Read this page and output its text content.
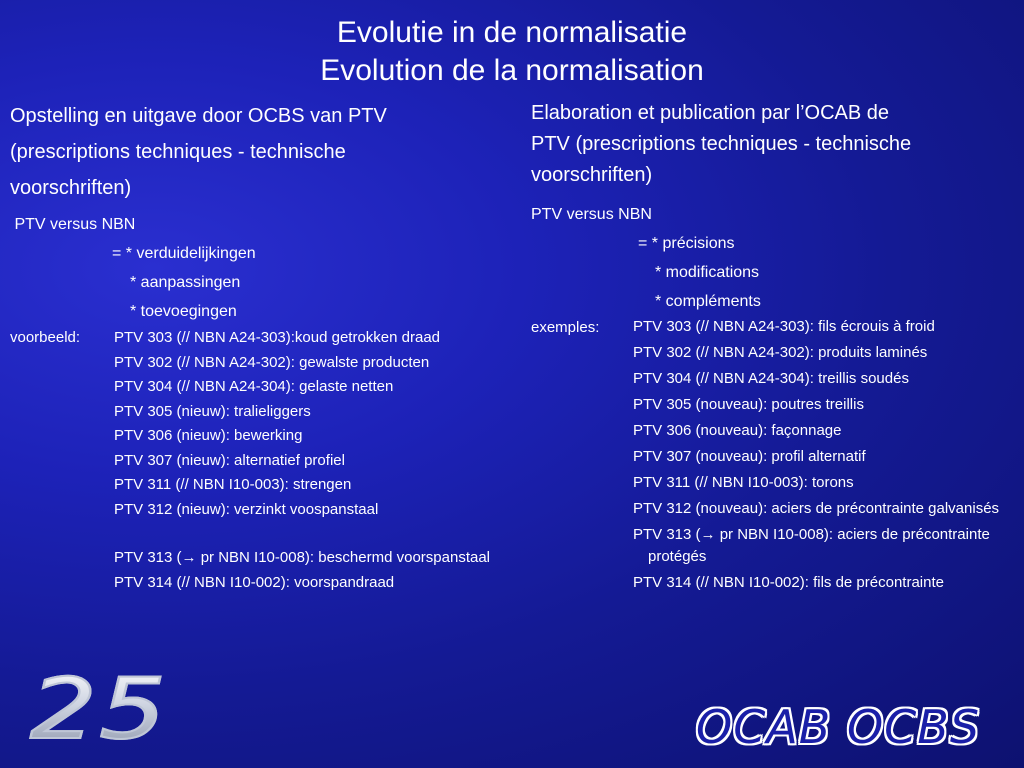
Evolutie in de normalisatie
Evolution de la normalisation
Opstelling en uitgave door OCBS van PTV
(prescriptions techniques - technische
voorschriften)
PTV versus NBN
= * verduidelijkingen
* aanpassingen
* toevoegingen
voorbeeld: PTV 303 (// NBN A24-303):koud getrokken draad
PTV 302 (// NBN A24-302): gewalste producten
PTV 304 (// NBN A24-304): gelaste netten
PTV 305 (nieuw): tralieliggers
PTV 306 (nieuw): bewerking
PTV 307 (nieuw): alternatief profiel
PTV 311 (// NBN I10-003): strengen
PTV 312 (nieuw): verzinkt voospanstaal
PTV 313 (→ pr NBN I10-008): beschermd voorspanstaal
PTV 314 (// NBN I10-002): voorspandraad
Elaboration et publication par l’OCAB de
PTV (prescriptions techniques - technische
voorschriften)
PTV versus NBN
= * précisions
* modifications
* compléments
exemples: PTV 303 (// NBN A24-303): fils écrouis à froid
PTV 302 (// NBN A24-302): produits laminés
PTV 304 (// NBN A24-304): treillis soudés
PTV 305 (nouveau): poutres treillis
PTV 306 (nouveau): façonnage
PTV 307 (nouveau): profil alternatif
PTV 311 (// NBN I10-003): torons
PTV 312 (nouveau): aciers de précontrainte galvanisés
PTV 313 (→ pr NBN I10-008): aciers de précontrainte protégés
PTV 314 (// NBN I10-002): fils de précontrainte
25	OCAB OCBS
